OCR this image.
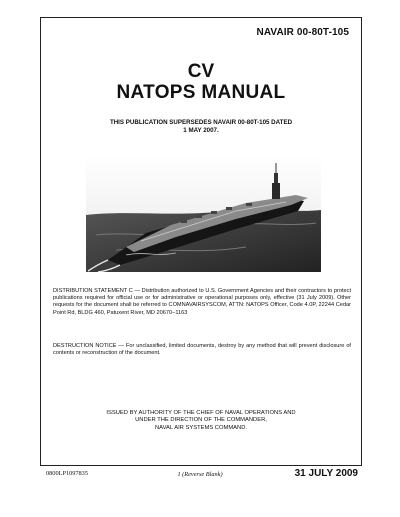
NAVAIR 00-80T-105
CV
NATOPS MANUAL
THIS PUBLICATION SUPERSEDES NAVAIR 00-80T-105 DATED
1 MAY 2007.
DISTRIBUTION STATEMENT C — Distribution authorized to U.S. Government Agencies and their contractors to protect publications required for official use or for administrative or operational purposes only, effective (31 July 2009). Other requests for the document shall be referred to COMNAVAIRSYSCOM, ATTN: NATOPS Officer, Code 4.0P, 22244 Cedar Point Rd, BLDG 460, Patuxent River, MD 20670−1163
DESTRUCTION NOTICE — For unclassified, limited documents, destroy by any method that will prevent disclosure of contents or reconstruction of the document.
ISSUED BY AUTHORITY OF THE CHIEF OF NAVAL OPERATIONS AND
UNDER THE DIRECTION OF THE COMMANDER,
NAVAL AIR SYSTEMS COMMAND.
0800LP1097835	1 (Reverse Blank)	31 JULY 2009
